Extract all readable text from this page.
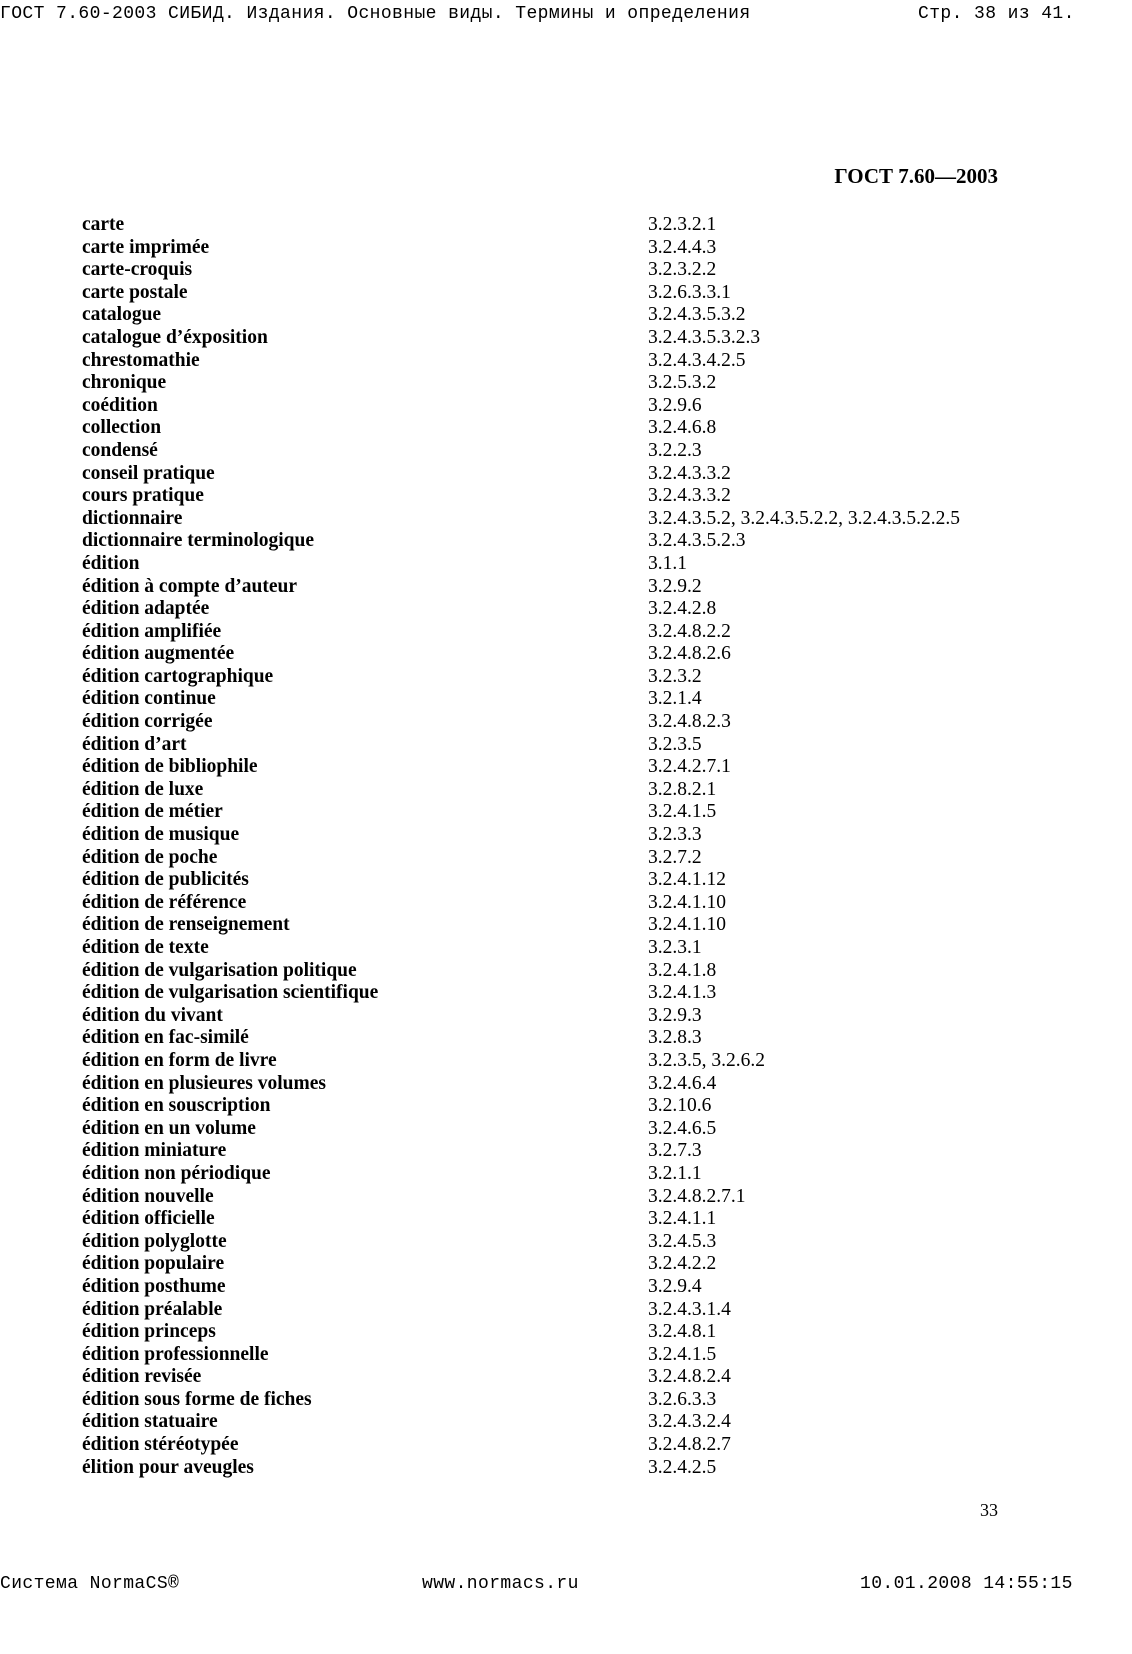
ГОСТ 7.60-2003 СИБИД. Издания. Основные виды. Термины и определения

	Стр. 38 из 41.

ГОСТ 7.60—2003
carte	3.2.3.2.1
carte imprimée	3.2.4.4.3
carte-croquis	3.2.3.2.2
carte postale	3.2.6.3.3.1
catalogue	3.2.4.3.5.3.2
catalogue d’éxposition	3.2.4.3.5.3.2.3
chrestomathie	3.2.4.3.4.2.5
chronique	3.2.5.3.2
coédition	3.2.9.6
collection	3.2.4.6.8
condensé	3.2.2.3
conseil pratique	3.2.4.3.3.2
cours pratique	3.2.4.3.3.2
dictionnaire	3.2.4.3.5.2, 3.2.4.3.5.2.2, 3.2.4.3.5.2.2.5
dictionnaire terminologique	3.2.4.3.5.2.3
édition	3.1.1
édition à compte d’auteur	3.2.9.2
édition adaptée	3.2.4.2.8
édition amplifiée	3.2.4.8.2.2
édition augmentée	3.2.4.8.2.6
édition cartographique	3.2.3.2
édition continue	3.2.1.4
édition corrigée	3.2.4.8.2.3
édition d’art	3.2.3.5
édition de bibliophile	3.2.4.2.7.1
édition de luxe	3.2.8.2.1
édition de métier	3.2.4.1.5
édition de musique	3.2.3.3
édition de poche	3.2.7.2
édition de publicités	3.2.4.1.12
édition de référence	3.2.4.1.10
édition de renseignement	3.2.4.1.10
édition de texte	3.2.3.1
édition de vulgarisation politique	3.2.4.1.8
édition de vulgarisation scientifique	3.2.4.1.3
édition du vivant	3.2.9.3
édition en fac-similé	3.2.8.3
édition en form de livre	3.2.3.5, 3.2.6.2
édition en plusieures volumes	3.2.4.6.4
édition en souscription	3.2.10.6
édition en un volume	3.2.4.6.5
édition miniature	3.2.7.3
édition non périodique	3.2.1.1
édition nouvelle	3.2.4.8.2.7.1
édition officielle	3.2.4.1.1
édition polyglotte	3.2.4.5.3
édition populaire	3.2.4.2.2
édition posthume	3.2.9.4
édition préalable	3.2.4.3.1.4
édition princeps	3.2.4.8.1
édition professionnelle	3.2.4.1.5
édition revisée	3.2.4.8.2.4
édition sous forme de fiches	3.2.6.3.3
édition statuaire	3.2.4.3.2.4
édition stéréotypée	3.2.4.8.2.7
élition pour aveugles	3.2.4.2.5
33

Система NormaCS®

	www.normacs.ru

	10.01.2008 14:55:15
